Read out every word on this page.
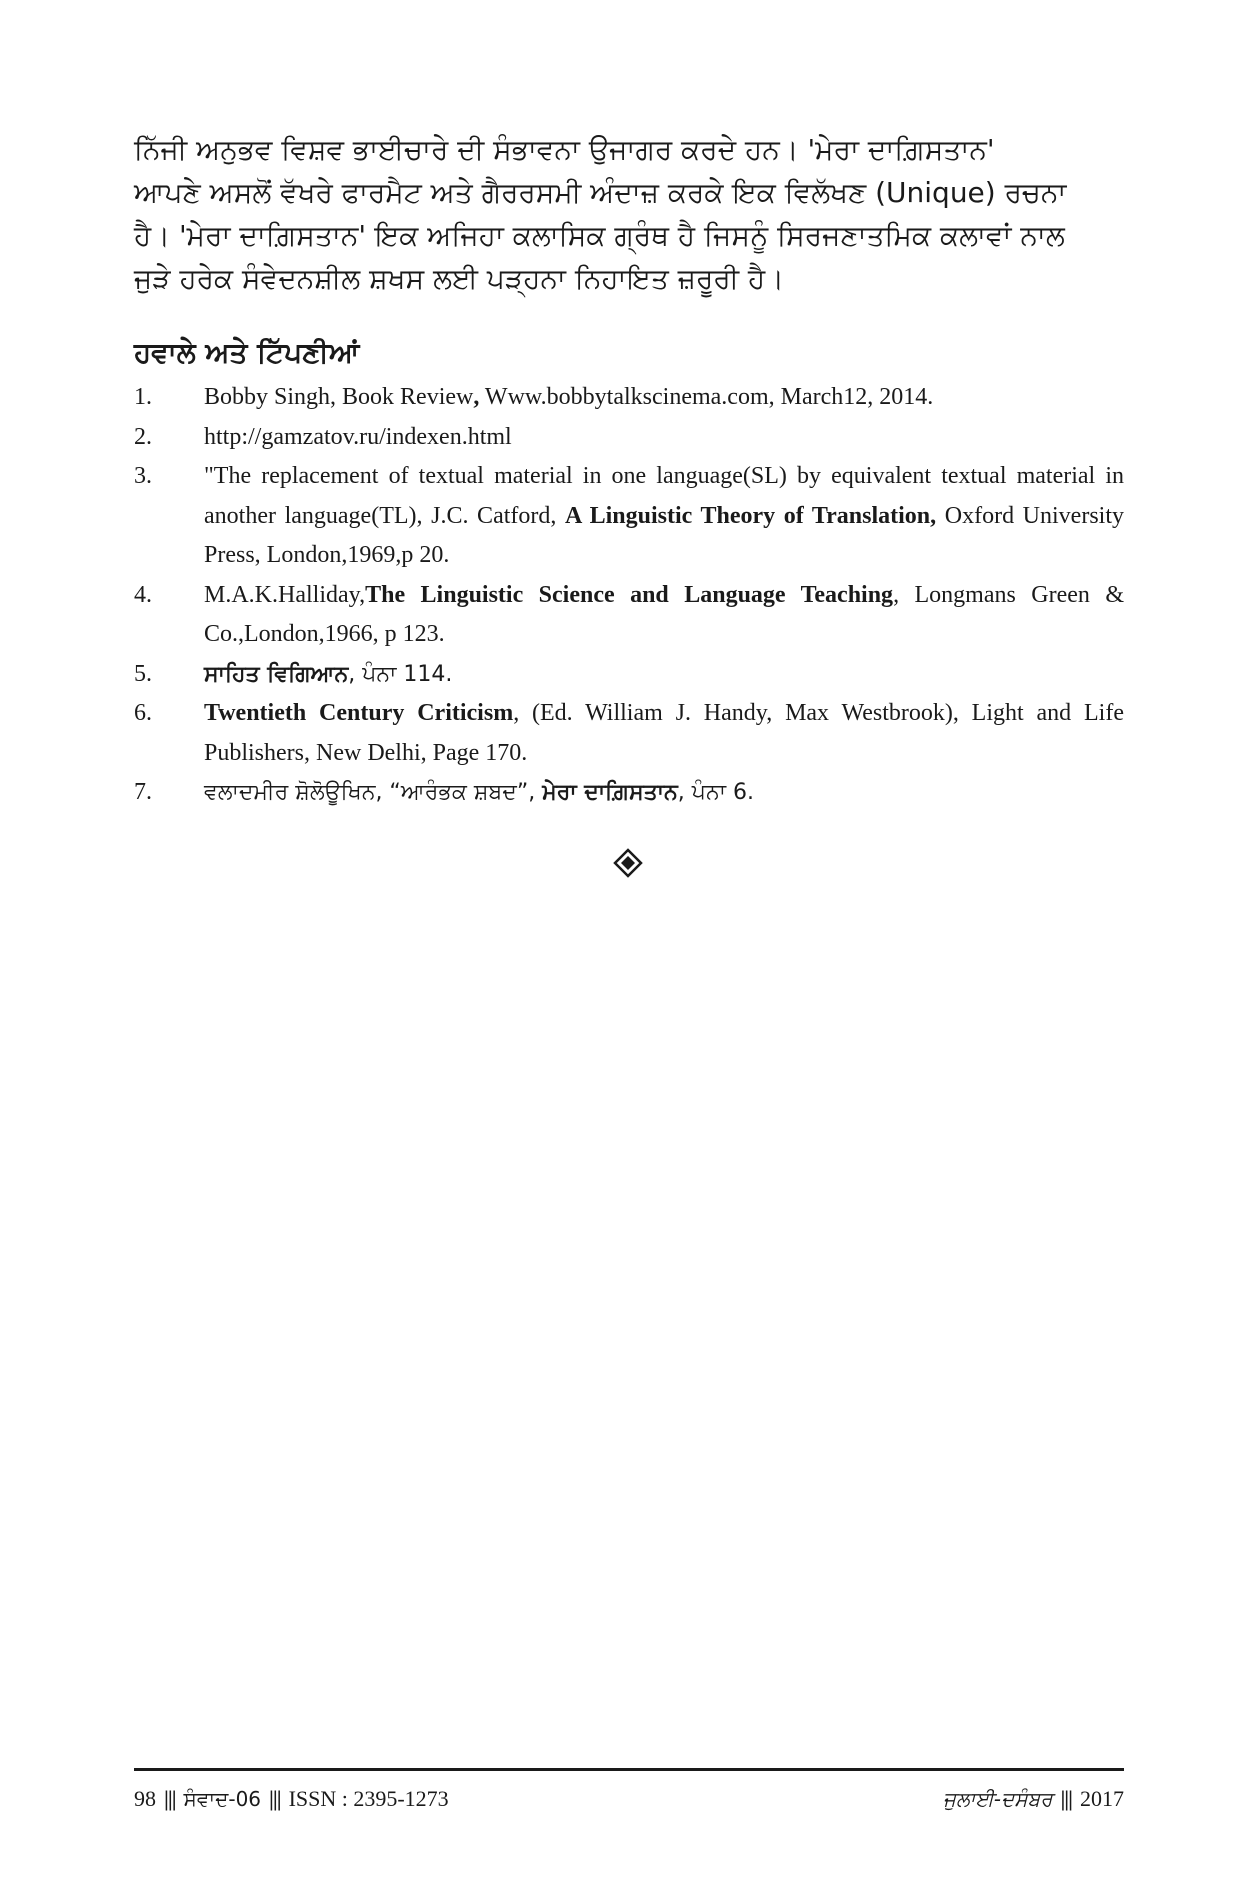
ਨਿੱਜੀ ਅਨੁਭਵ ਵਿਸ਼ਵ ਭਾਈਚਾਰੇ ਦੀ ਸੰਭਾਵਨਾ ਉਜਾਗਰ ਕਰਦੇ ਹਨ। 'ਮੇਰਾ ਦਾਗ਼ਿਸਤਾਨ'
ਆਪਣੇ ਅਸਲੋਂ ਵੱਖਰੇ ਫਾਰਮੈਟ ਅਤੇ ਗੈਰਰਸਮੀ ਅੰਦਾਜ਼ ਕਰਕੇ ਇਕ ਵਿਲੱਖਣ (Unique) ਰਚਨਾ
ਹੈ। 'ਮੇਰਾ ਦਾਗ਼ਿਸਤਾਨ' ਇਕ ਅਜਿਹਾ ਕਲਾਸਿਕ ਗ੍ਰੰਥ ਹੈ ਜਿਸਨੂੰ ਸਿਰਜਣਾਤਮਿਕ ਕਲਾਵਾਂ ਨਾਲ
ਜੁੜੇ ਹਰੇਕ ਸੰਵੇਦਨਸ਼ੀਲ ਸ਼ਖਸ ਲਈ ਪੜ੍ਹਨਾ ਨਿਹਾਇਤ ਜ਼ਰੂਰੀ ਹੈ।
ਹਵਾਲੇ ਅਤੇ ਟਿੱਪਣੀਆਂ
1.	Bobby Singh, Book Review, Www.bobbytalkscinema.com, March12, 2014.
2.	http://gamzatov.ru/indexen.html
3.	"The replacement of textual material in one language(SL) by equivalent textual material in another language(TL), J.C. Catford, A Linguistic Theory of Translation, Oxford University Press, London,1969,p 20.
4.	M.A.K.Halliday,The Linguistic Science and Language Teaching, Longmans Green & Co.,London,1966, p 123.
5.	ਸਾਹਿਤ ਵਿਗਿਆਨ, ਪੰਨਾ 114.
6.	Twentieth Century Criticism, (Ed. William J. Handy, Max Westbrook), Light and Life Publishers, New Delhi, Page 170.
7.	ਵਲਾਦਮੀਰ ਸ਼ੋਲੋਊਖਿਨ, “ਆਰੰਭਕ ਸ਼ਬਦ”, ਮੇਰਾ ਦਾਗ਼ਿਸਤਾਨ, ਪੰਨਾ 6.
98 ||| ਸੰਵਾਦ-06 ||| ISSN : 2395-1273	ਜੁਲਾਈ-ਦਸੰਬਰ ||| 2017
